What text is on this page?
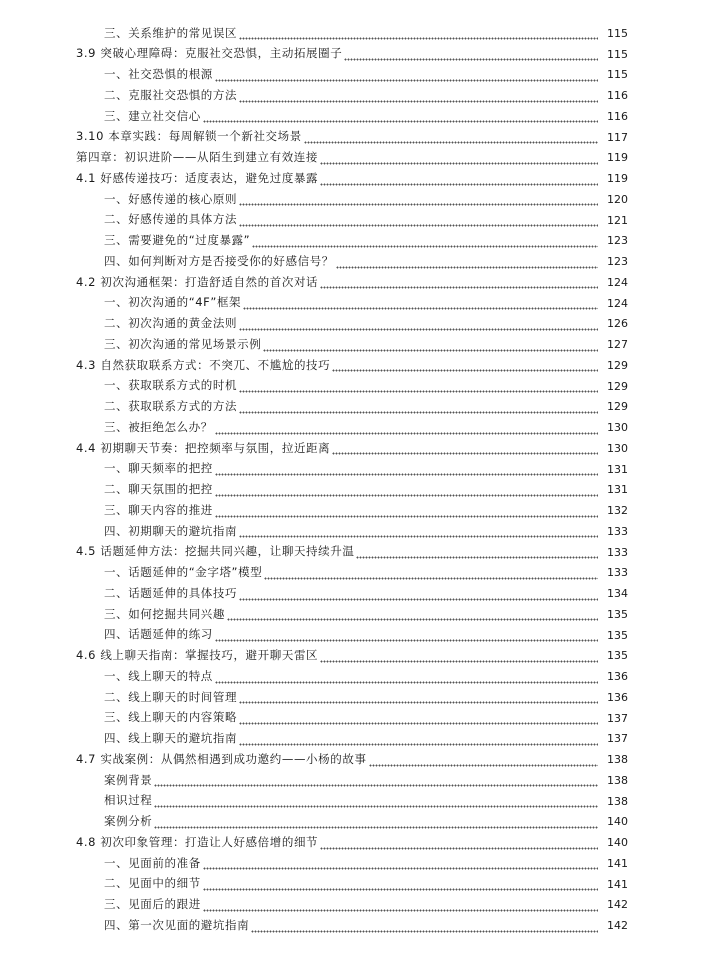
三、关系维护的常见误区	115
3.9 突破心理障碍：克服社交恐惧，主动拓展圈子	115
一、社交恐惧的根源	115
二、克服社交恐惧的方法	116
三、建立社交信心	116
3.10 本章实践：每周解锁一个新社交场景	117
第四章：初识进阶——从陌生到建立有效连接	119
4.1 好感传递技巧：适度表达，避免过度暴露	119
一、好感传递的核心原则	120
二、好感传递的具体方法	121
三、需要避免的“过度暴露”	123
四、如何判断对方是否接受你的好感信号？	123
4.2 初次沟通框架：打造舒适自然的首次对话	124
一、初次沟通的“4F”框架	124
二、初次沟通的黄金法则	126
三、初次沟通的常见场景示例	127
4.3 自然获取联系方式：不突兀、不尴尬的技巧	129
一、获取联系方式的时机	129
二、获取联系方式的方法	129
三、被拒绝怎么办？	130
4.4 初期聊天节奏：把控频率与氛围，拉近距离	130
一、聊天频率的把控	131
二、聊天氛围的把控	131
三、聊天内容的推进	132
四、初期聊天的避坑指南	133
4.5 话题延伸方法：挖掘共同兴趣，让聊天持续升温	133
一、话题延伸的“金字塔”模型	133
二、话题延伸的具体技巧	134
三、如何挖掘共同兴趣	135
四、话题延伸的练习	135
4.6 线上聊天指南：掌握技巧，避开聊天雷区	135
一、线上聊天的特点	136
二、线上聊天的时间管理	136
三、线上聊天的内容策略	137
四、线上聊天的避坑指南	137
4.7 实战案例：从偶然相遇到成功邀约——小杨的故事	138
案例背景	138
相识过程	138
案例分析	140
4.8 初次印象管理：打造让人好感倍增的细节	140
一、见面前的准备	141
二、见面中的细节	141
三、见面后的跟进	142
四、第一次见面的避坑指南	142
